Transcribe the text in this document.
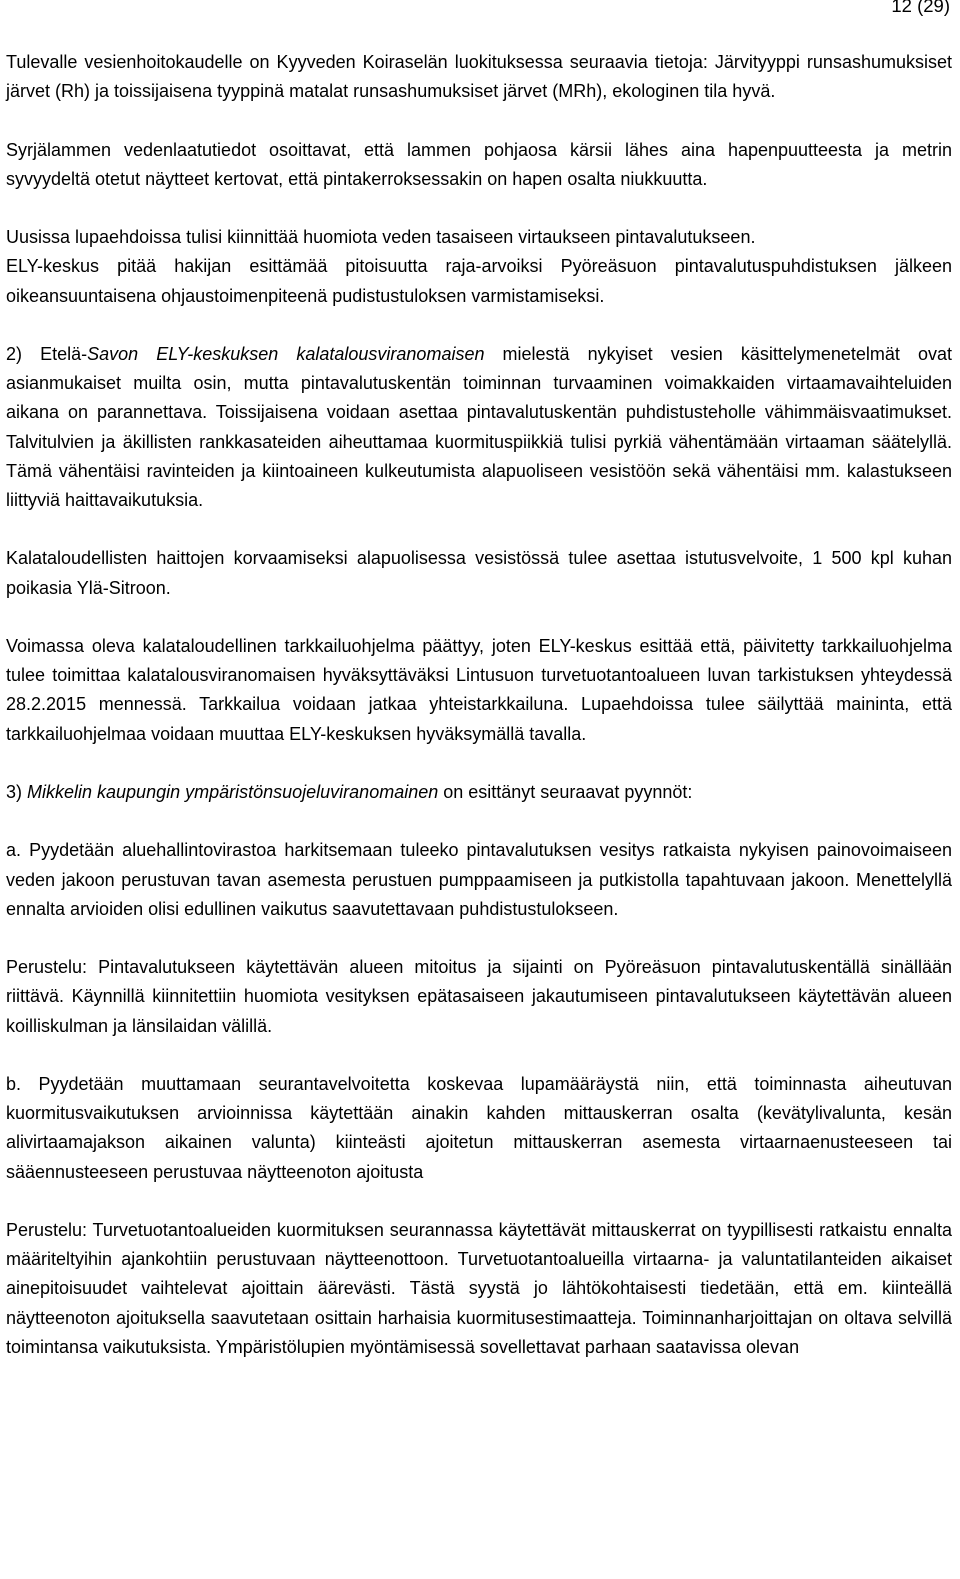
12 (29)

Tulevalle vesienhoitokaudelle on Kyyveden Koiraselän luokituksessa seuraavia tietoja: Järvityyppi runsashumuksiset järvet (Rh) ja toissijaisena tyyppinä matalat runsashumuksiset järvet (MRh), ekologinen tila hyvä.

Syrjälammen vedenlaatutiedot osoittavat, että lammen pohjaosa kärsii lähes aina hapenpuutteesta ja metrin syvyydeltä otetut näytteet kertovat, että pintakerroksessakin on hapen osalta niukkuutta.

Uusissa lupaehdoissa tulisi kiinnittää huomiota veden tasaiseen virtaukseen pintavalutukseen.

ELY-keskus pitää hakijan esittämää pitoisuutta raja-arvoiksi Pyöreäsuon pintavalutuspuhdistuksen jälkeen oikeansuuntaisena ohjaustoimenpiteenä pudistustuloksen varmistamiseksi.

2) Etelä-Savon ELY-keskuksen kalatalousviranomaisen mielestä nykyiset vesien käsittelymenetelmät ovat asianmukaiset muilta osin, mutta pintavalutuskentän toiminnan turvaaminen voimakkaiden virtaamavaihteluiden aikana on parannettava. Toissijaisena voidaan asettaa pintavalutuskentän puhdistusteholle vähimmäisvaatimukset. Talvitulvien ja äkillisten rankkasateiden aiheuttamaa kuormituspiikkiä tulisi pyrkiä vähentämään virtaaman säätelyllä. Tämä vähentäisi ravinteiden ja kiintoaineen kulkeutumista alapuoliseen vesistöön sekä vähentäisi mm. kalastukseen liittyviä haittavaikutuksia.

Kalataloudellisten haittojen korvaamiseksi alapuolisessa vesistössä tulee asettaa istutusvelvoite, 1 500 kpl kuhan poikasia Ylä-Sitroon.

Voimassa oleva kalataloudellinen tarkkailuohjelma päättyy, joten ELY-keskus esittää että, päivitetty tarkkailuohjelma tulee toimittaa kalatalousviranomaisen hyväksyttäväksi Lintusuon turvetuotantoalueen luvan tarkistuksen yhteydessä 28.2.2015 mennessä. Tarkkailua voidaan jatkaa yhteistarkkailuna. Lupaehdoissa tulee säilyttää maininta, että tarkkailuohjelmaa voidaan muuttaa ELY-keskuksen hyväksymällä tavalla.

3) Mikkelin kaupungin ympäristönsuojeluviranomainen on esittänyt seuraavat pyynnöt:

a. Pyydetään aluehallintovirastoa harkitsemaan tuleeko pintavalutuksen vesitys ratkaista nykyisen painovoimaiseen veden jakoon perustuvan tavan asemesta perustuen pumppaamiseen ja putkistolla tapahtuvaan jakoon. Menettelyllä ennalta arvioiden olisi edullinen vaikutus saavutettavaan puhdistustulokseen.

Perustelu: Pintavalutukseen käytettävän alueen mitoitus ja sijainti on Pyöreäsuon pintavalutuskentällä sinällään riittävä. Käynnillä kiinnitettiin huomiota vesityksen epätasaiseen jakautumiseen pintavalutukseen käytettävän alueen koilliskulman ja länsilaidan välillä.

b. Pyydetään muuttamaan seurantavelvoitetta koskevaa lupamääräystä niin, että toiminnasta aiheutuvan kuormitusvaikutuksen arvioinnissa käytettään ainakin kahden mittauskerran osalta (kevätylivalunta, kesän alivirtaamajakson aikainen valunta) kiinteästi ajoitetun mittauskerran asemesta virtaarnaenusteeseen tai sääennusteeseen perustuvaa näytteenoton ajoitusta

Perustelu: Turvetuotantoalueiden kuormituksen seurannassa käytettävät mittauskerrat on tyypillisesti ratkaistu ennalta määriteltyihin ajankohtiin perustuvaan näytteenottoon. Turvetuotantoalueilla virtaarna- ja valuntatilanteiden aikaiset ainepitoisuudet vaihtelevat ajoittain äärevästi. Tästä syystä jo lähtökohtaisesti tiedetään, että em. kiinteällä näytteenoton ajoituksella saavutetaan osittain harhaisia kuormitusestimaatteja. Toiminnanharjoittajan on oltava selvillä toimintansa vaikutuksista. Ympäristölupien myöntämisessä sovellettavat parhaan saatavissa olevan
